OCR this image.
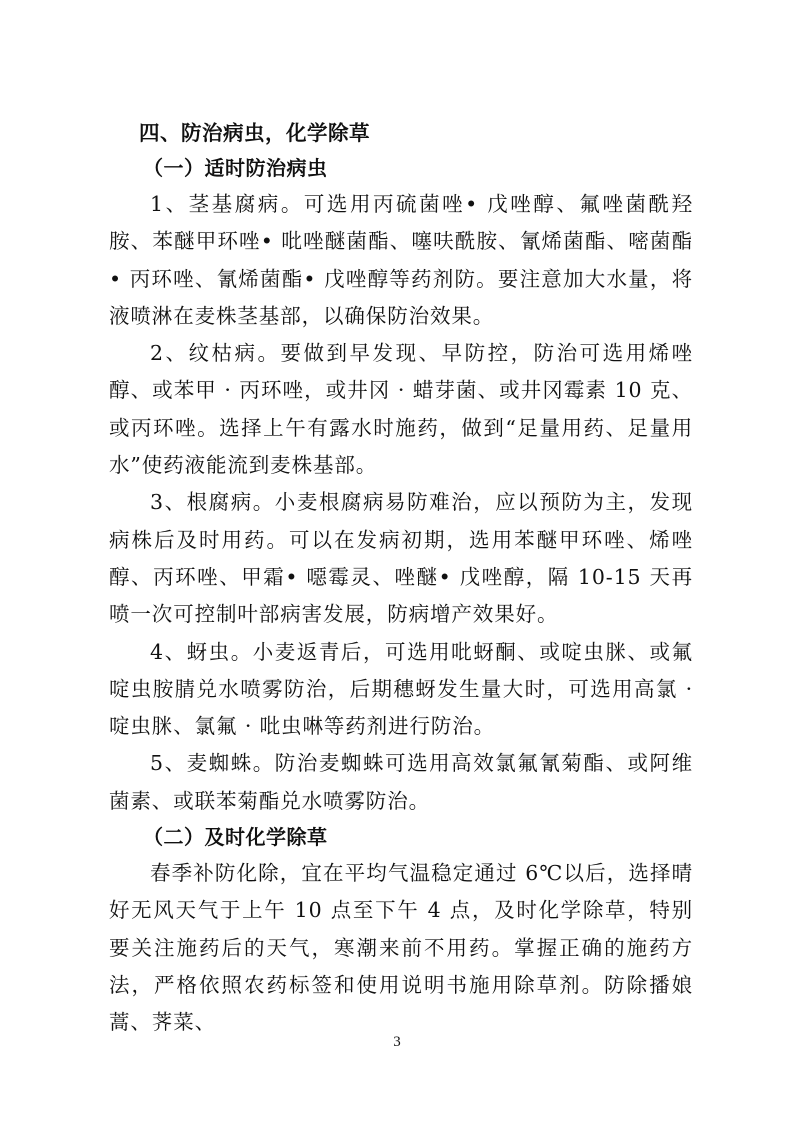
四、防治病虫，化学除草
（一）适时防治病虫

1、茎基腐病。可选用丙硫菌唑• 戊唑醇、氟唑菌酰羟胺、苯醚甲环唑• 吡唑醚菌酯、噻呋酰胺、氰烯菌酯、嘧菌酯• 丙环唑、氰烯菌酯• 戊唑醇等药剂防。要注意加大水量，将液喷淋在麦株茎基部，以确保防治效果。

2、纹枯病。要做到早发现、早防控，防治可选用烯唑醇、或苯甲 · 丙环唑，或井冈 · 蜡芽菌、或井冈霉素 10 克、或丙环唑。选择上午有露水时施药，做到“足量用药、足量用水”使药液能流到麦株基部。

3、根腐病。小麦根腐病易防难治，应以预防为主，发现病株后及时用药。可以在发病初期，选用苯醚甲环唑、烯唑醇、丙环唑、甲霜• 噁霉灵、唑醚• 戊唑醇，隔 10-15 天再喷一次可控制叶部病害发展，防病增产效果好。

4、蚜虫。小麦返青后，可选用吡蚜酮、或啶虫脒、或氟啶虫胺腈兑水喷雾防治，后期穗蚜发生量大时，可选用高氯 · 啶虫脒、氯氟 · 吡虫啉等药剂进行防治。

5、麦蜘蛛。防治麦蜘蛛可选用高效氯氟氰菊酯、或阿维菌素、或联苯菊酯兑水喷雾防治。

（二）及时化学除草

春季补防化除，宜在平均气温稳定通过 6℃以后，选择晴好无风天气于上午 10 点至下午 4 点，及时化学除草，特别要关注施药后的天气，寒潮来前不用药。掌握正确的施药方法，严格依照农药标签和使用说明书施用除草剂。防除播娘蒿、荠菜、

3
